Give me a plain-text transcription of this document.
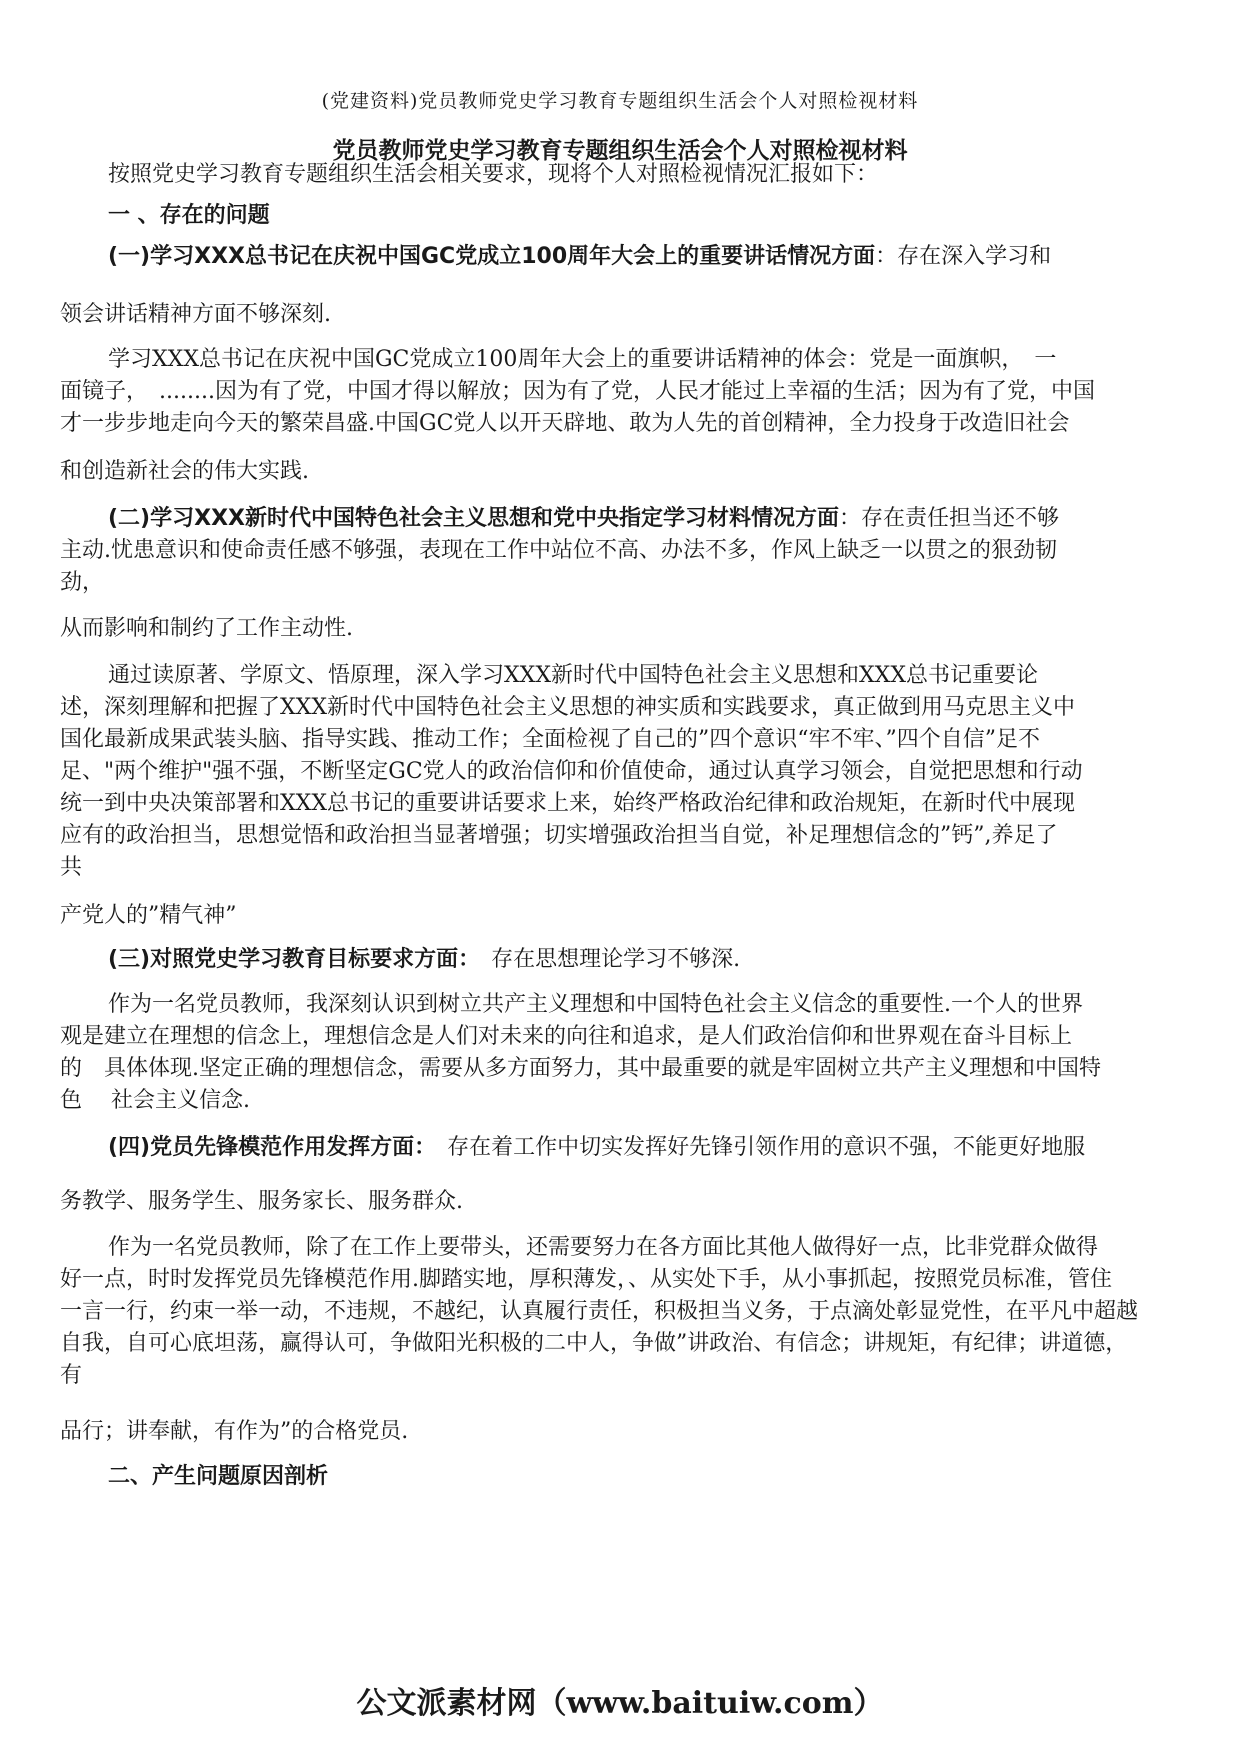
(党建资料)党员教师党史学习教育专题组织生活会个人对照检视材料
党员教师党史学习教育专题组织生活会个人对照检视材料
按照党史学习教育专题组织生活会相关要求，现将个人对照检视情况汇报如下：
一 、存在的问题
(一)学习XXX总书记在庆祝中国GC党成立100周年大会上的重要讲话情况方面：存在深入学习和
领会讲话精神方面不够深刻.
学习XXX总书记在庆祝中国GC党成立100周年大会上的重要讲话精神的体会：党是一面旗帜，　一
面镜子，　........因为有了党，中国才得以解放；因为有了党，人民才能过上幸福的生活；因为有了党，中国
才一步步地走向今天的繁荣昌盛.中国GC党人以开天辟地、敢为人先的首创精神，全力投身于改造旧社会
和创造新社会的伟大实践.
(二)学习XXX新时代中国特色社会主义思想和党中央指定学习材料情况方面：存在责任担当还不够
主动.忧患意识和使命责任感不够强，表现在工作中站位不高、办法不多，作风上缺乏一以贯之的狠劲韧
劲，
从而影响和制约了工作主动性.
通过读原著、学原文、悟原理，深入学习XXX新时代中国特色社会主义思想和XXX总书记重要论
述，深刻理解和把握了XXX新时代中国特色社会主义思想的神实质和实践要求，真正做到用马克思主义中
国化最新成果武装头脑、指导实践、推动工作；全面检视了自己的”四个意识“牢不牢、”四个自信”足不
足、"两个维护"强不强，不断坚定GC党人的政治信仰和价值使命，通过认真学习领会，自觉把思想和行动
统一到中央决策部署和XXX总书记的重要讲话要求上来，始终严格政治纪律和政治规矩，在新时代中展现
应有的政治担当，思想觉悟和政治担当显著增强；切实增强政治担当自觉，补足理想信念的”钙”,养足了
共
产党人的”精气神”
(三)对照党史学习教育目标要求方面：　存在思想理论学习不够深.
作为一名党员教师，我深刻认识到树立共产主义理想和中国特色社会主义信念的重要性.一个人的世界
观是建立在理想的信念上，理想信念是人们对未来的向往和追求，是人们政治信仰和世界观在奋斗目标上
的　具体体现.坚定正确的理想信念，需要从多方面努力，其中最重要的就是牢固树立共产主义理想和中国特
色　 社会主义信念.
(四)党员先锋模范作用发挥方面：　存在着工作中切实发挥好先锋引领作用的意识不强，不能更好地服
务教学、服务学生、服务家长、服务群众.
作为一名党员教师，除了在工作上要带头，还需要努力在各方面比其他人做得好一点，比非党群众做得
好一点，时时发挥党员先锋模范作用.脚踏实地，厚积薄发，、从实处下手，从小事抓起，按照党员标准，管住
一言一行，约束一举一动，不违规，不越纪，认真履行责任，积极担当义务，于点滴处彰显党性，在平凡中超越
自我，自可心底坦荡，赢得认可，争做阳光积极的二中人，争做”讲政治、有信念；讲规矩，有纪律；讲道德，
有
品行；讲奉献，有作为”的合格党员.
二、产生问题原因剖析
公文派素材网（www.baituiw.com）
